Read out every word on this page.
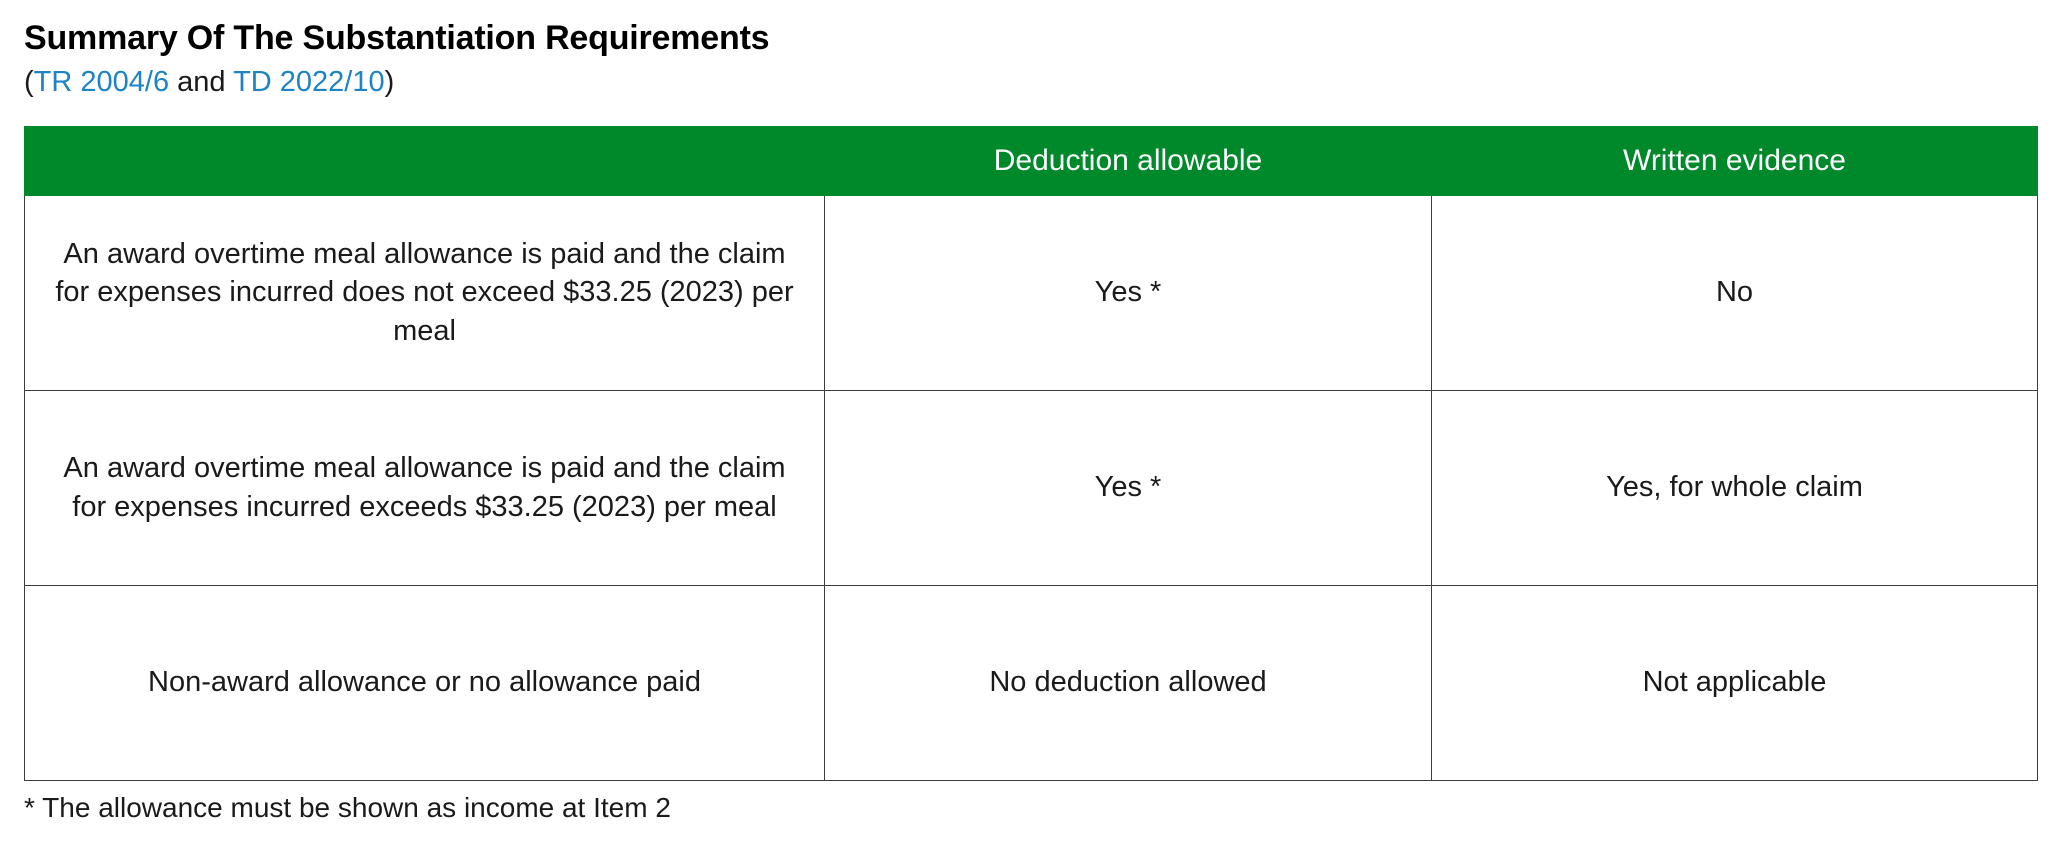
Summary Of The Substantiation Requirements
(TR 2004/6 and TD 2022/10)
	Deduction allowable	Written evidence
An award overtime meal allowance is paid and the claim for expenses incurred does not exceed $33.25 (2023) per meal	Yes *	No
An award overtime meal allowance is paid and the claim for expenses incurred exceeds $33.25 (2023) per meal	Yes *	Yes, for whole claim
Non-award allowance or no allowance paid	No deduction allowed	Not applicable
* The allowance must be shown as income at Item 2
